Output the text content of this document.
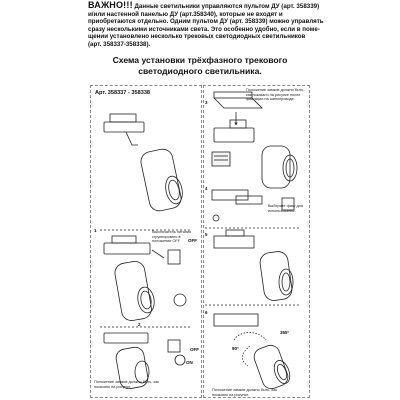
ВАЖНО!!! Данные светильники управляются пультом ДУ (арт. 358339)
и/или настенной панелью ДУ (арт.358340), которые не входят и
приобретаются отдельно. Одним пультом ДУ (арт. 358339) можно управлять
сразу несколькими источниками света. Это особенно удобно, если в поме-
щении установлено несколько трековых светодиодных светильников
(арт. 358337-358338).
Схема установки трёхфазного трекового
светодиодного светильника.
Арт. 358337 - 358338	Положение замков должно быть, как показано на рисунке после фиксации на шинопроводе.
Выключатель питания сгруппировать в положении OFF
Выберите фазу для использования.
Положение замков должно быть, как показано на рисунке.
Положение замков должно быть, как показано на рисунке.
OFF
OFF
ON
355°
90°
1
2
3
4
5
6
